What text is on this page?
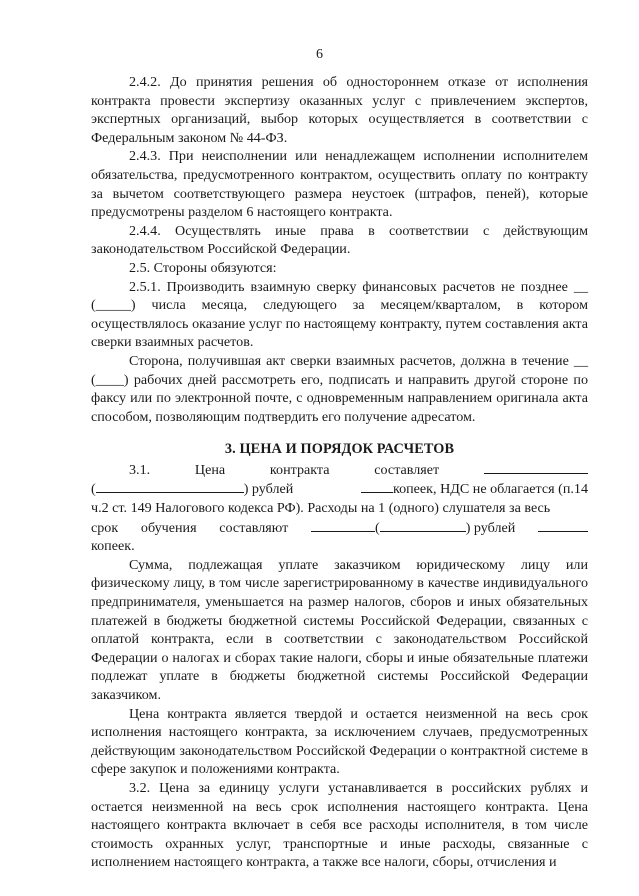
6

2.4.2. До принятия решения об одностороннем отказе от исполнения контракта провести экспертизу оказанных услуг с привлечением экспертов, экспертных организаций, выбор которых осуществляется в соответствии с Федеральным законом № 44-ФЗ.

2.4.3. При неисполнении или ненадлежащем исполнении исполнителем обязательства, предусмотренного контрактом, осуществить оплату по контракту за вычетом соответствующего размера неустоек (штрафов, пеней), которые предусмотрены разделом 6 настоящего контракта.

2.4.4. Осуществлять иные права в соответствии с действующим законодательством Российской Федерации.

2.5. Стороны обязуются:

2.5.1. Производить взаимную сверку финансовых расчетов не позднее __ (_____) числа месяца, следующего за месяцем/кварталом, в котором осуществлялось оказание услуг по настоящему контракту, путем составления акта сверки взаимных расчетов.

Сторона, получившая акт сверки взаимных расчетов, должна в течение __ (____) рабочих дней рассмотреть его, подписать и направить другой стороне по факсу или по электронной почте, с одновременным направлением оригинала акта способом, позволяющим подтвердить его получение адресатом.

3. ЦЕНА И ПОРЯДОК РАСЧЕТОВ
3.1.	Цена	контракта	составляет
(	) рублей	копеек, НДС не облагается (п.14
ч.2 ст. 149 Налогового кодекса РФ). Расходы на 1 (одного) слушателя за весь
срок обучения составляют	(	) рублей
копеек.

Сумма, подлежащая уплате заказчиком юридическому лицу или физическому лицу, в том числе зарегистрированному в качестве индивидуального предпринимателя, уменьшается на размер налогов, сборов и иных обязательных платежей в бюджеты бюджетной системы Российской Федерации, связанных с оплатой контракта, если в соответствии с законодательством Российской Федерации о налогах и сборах такие налоги, сборы и иные обязательные платежи подлежат уплате в бюджеты бюджетной системы Российской Федерации заказчиком.

Цена контракта является твердой и остается неизменной на весь срок исполнения настоящего контракта, за исключением случаев, предусмотренных действующим законодательством Российской Федерации о контрактной системе в сфере закупок и положениями контракта.

3.2. Цена за единицу услуги устанавливается в российских рублях и остается неизменной на весь срок исполнения настоящего контракта. Цена настоящего контракта включает в себя все расходы исполнителя, в том числе стоимость охранных услуг, транспортные и иные расходы, связанные с исполнением настоящего контракта, а также все налоги, сборы, отчисления и
